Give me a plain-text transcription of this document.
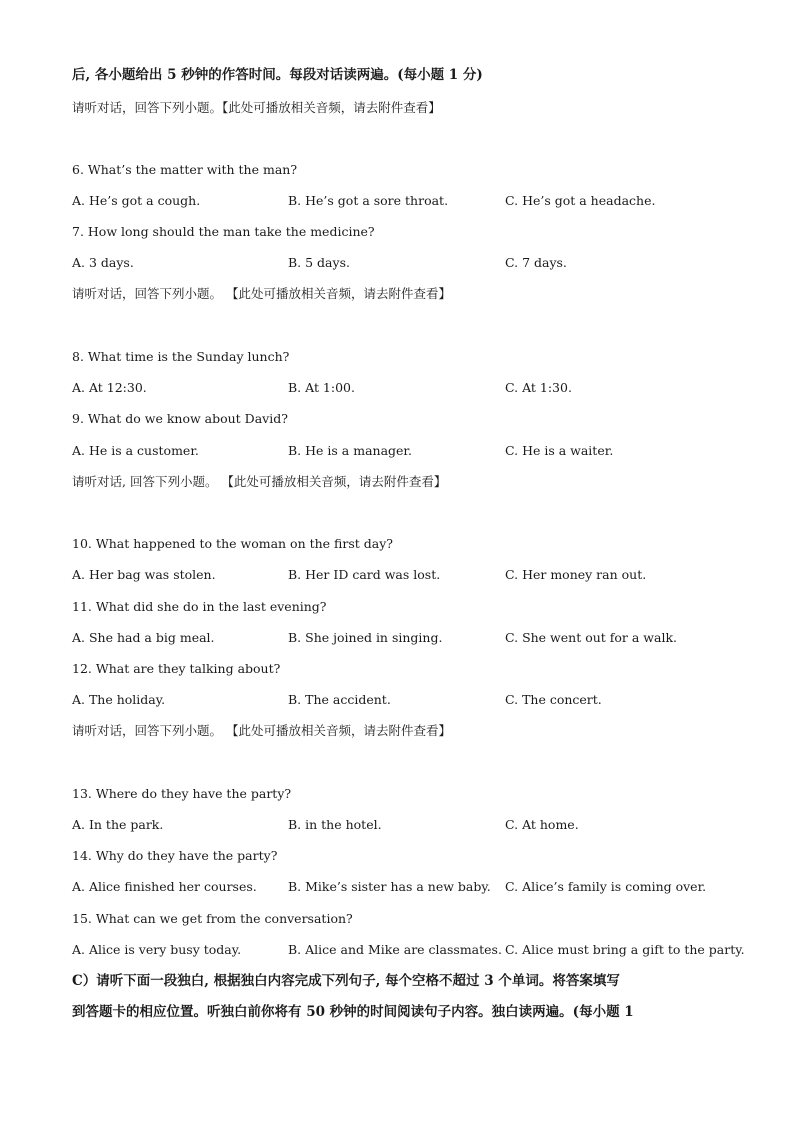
后, 各小题给出 5 秒钟的作答时间。每段对话读两遍。(每小题 1 分)
请听对话，回答下列小题。【此处可播放相关音频，请去附件查看】
6. What’s the matter with the man?
A. He’s got a cough.	B. He’s got a sore throat.	C. He’s got a headache.
7. How long should the man take the medicine?
A. 3 days.	B. 5 days.	C. 7 days.
请听对话，回答下列小题。 【此处可播放相关音频，请去附件查看】
8. What time is the Sunday lunch?
A. At 12:30.	B. At 1:00.	C. At 1:30.
9. What do we know about David?
A. He is a customer.	B. He is a manager.	C. He is a waiter.
请听对话, 回答下列小题。 【此处可播放相关音频，请去附件查看】
10. What happened to the woman on the first day?
A. Her bag was stolen.	B. Her ID card was lost.	C. Her money ran out.
11. What did she do in the last evening?
A. She had a big meal.	B. She joined in singing.	C. She went out for a walk.
12. What are they talking about?
A. The holiday.	B. The accident.	C. The concert.
请听对话，回答下列小题。 【此处可播放相关音频，请去附件查看】
13. Where do they have the party?
A. In the park.	B. in the hotel.	C. At home.
14. Why do they have the party?
A. Alice finished her courses.	B. Mike’s sister has a new baby. C. Alice’s family is coming over.
15. What can we get from the conversation?
A. Alice is very busy today.	B. Alice and Mike are classmates. C. Alice must bring a gift to the party.
C）请听下面一段独白, 根据独白内容完成下列句子, 每个空格不超过 3 个单词。将答案填写
到答题卡的相应位置。听独白前你将有 50 秒钟的时间阅读句子内容。独白读两遍。(每小题 1
